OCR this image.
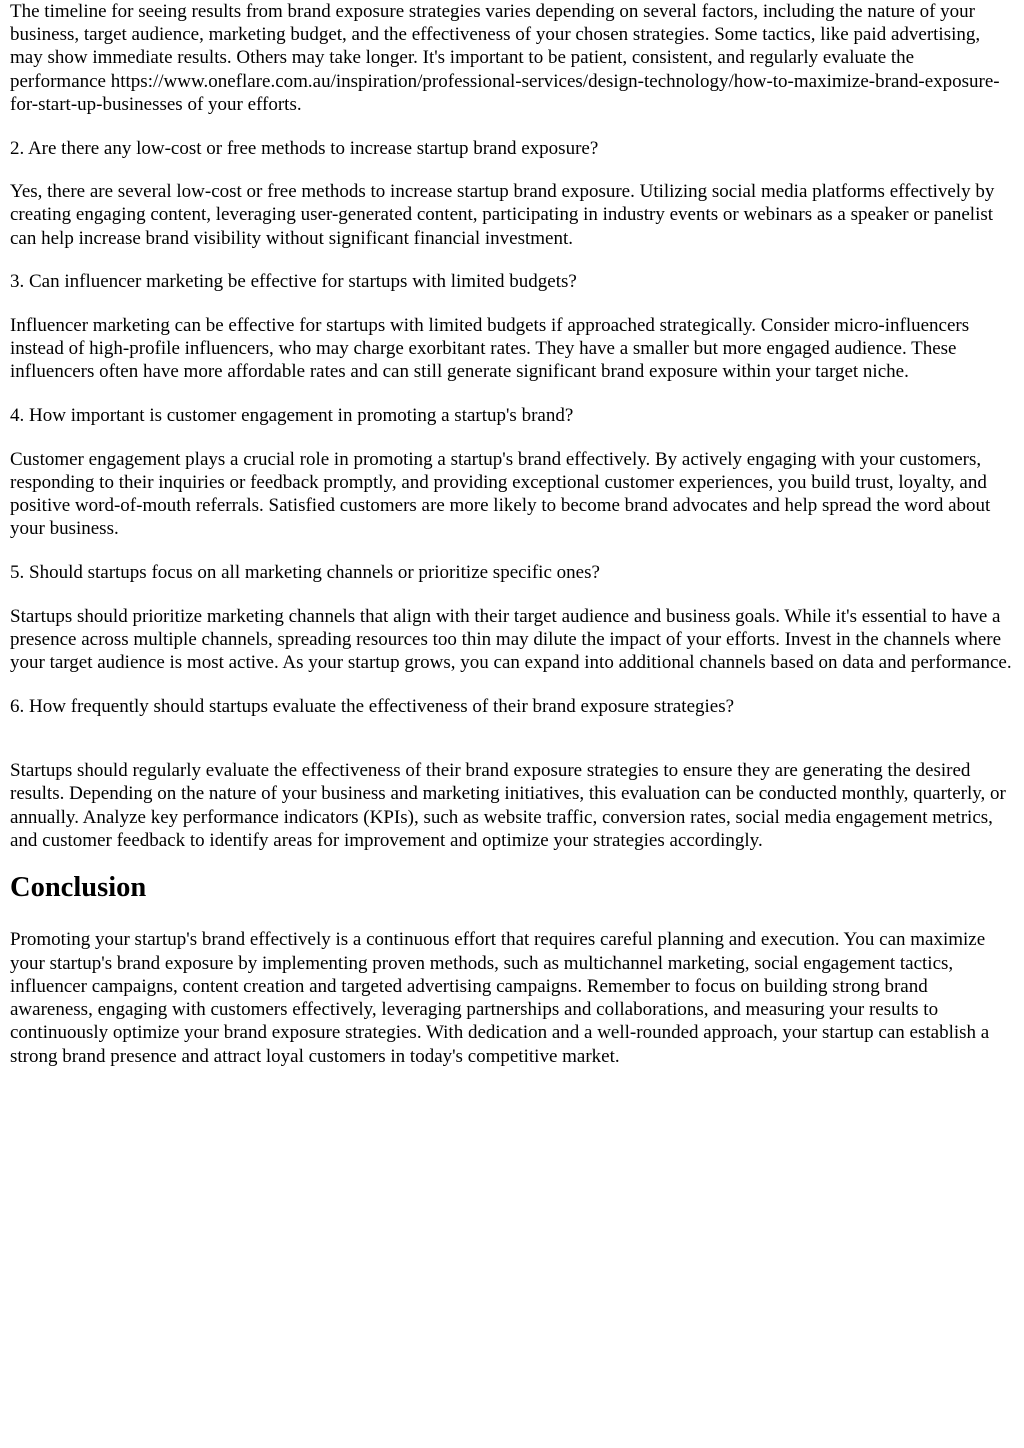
The timeline for seeing results from brand exposure strategies varies depending on several factors, including the nature of your business, target audience, marketing budget, and the effectiveness of your chosen strategies. Some tactics, like paid advertising, may show immediate results. Others may take longer. It's important to be patient, consistent, and regularly evaluate the performance https://www.oneflare.com.au/inspiration/professional-services/design-technology/how-to-maximize-brand-exposure-for-start-up-businesses of your efforts.

2. Are there any low-cost or free methods to increase startup brand exposure?

Yes, there are several low-cost or free methods to increase startup brand exposure. Utilizing social media platforms effectively by creating engaging content, leveraging user-generated content, participating in industry events or webinars as a speaker or panelist can help increase brand visibility without significant financial investment.

3. Can influencer marketing be effective for startups with limited budgets?

Influencer marketing can be effective for startups with limited budgets if approached strategically. Consider micro-influencers instead of high-profile influencers, who may charge exorbitant rates. They have a smaller but more engaged audience. These influencers often have more affordable rates and can still generate significant brand exposure within your target niche.

4. How important is customer engagement in promoting a startup's brand?

Customer engagement plays a crucial role in promoting a startup's brand effectively. By actively engaging with your customers, responding to their inquiries or feedback promptly, and providing exceptional customer experiences, you build trust, loyalty, and positive word-of-mouth referrals. Satisfied customers are more likely to become brand advocates and help spread the word about your business.

5. Should startups focus on all marketing channels or prioritize specific ones?

Startups should prioritize marketing channels that align with their target audience and business goals. While it's essential to have a presence across multiple channels, spreading resources too thin may dilute the impact of your efforts. Invest in the channels where your target audience is most active. As your startup grows, you can expand into additional channels based on data and performance.

6. How frequently should startups evaluate the effectiveness of their brand exposure strategies?

Startups should regularly evaluate the effectiveness of their brand exposure strategies to ensure they are generating the desired results. Depending on the nature of your business and marketing initiatives, this evaluation can be conducted monthly, quarterly, or annually. Analyze key performance indicators (KPIs), such as website traffic, conversion rates, social media engagement metrics, and customer feedback to identify areas for improvement and optimize your strategies accordingly.

Conclusion

Promoting your startup's brand effectively is a continuous effort that requires careful planning and execution. You can maximize your startup's brand exposure by implementing proven methods, such as multichannel marketing, social engagement tactics, influencer campaigns, content creation and targeted advertising campaigns. Remember to focus on building strong brand awareness, engaging with customers effectively, leveraging partnerships and collaborations, and measuring your results to continuously optimize your brand exposure strategies. With dedication and a well-rounded approach, your startup can establish a strong brand presence and attract loyal customers in today's competitive market.
